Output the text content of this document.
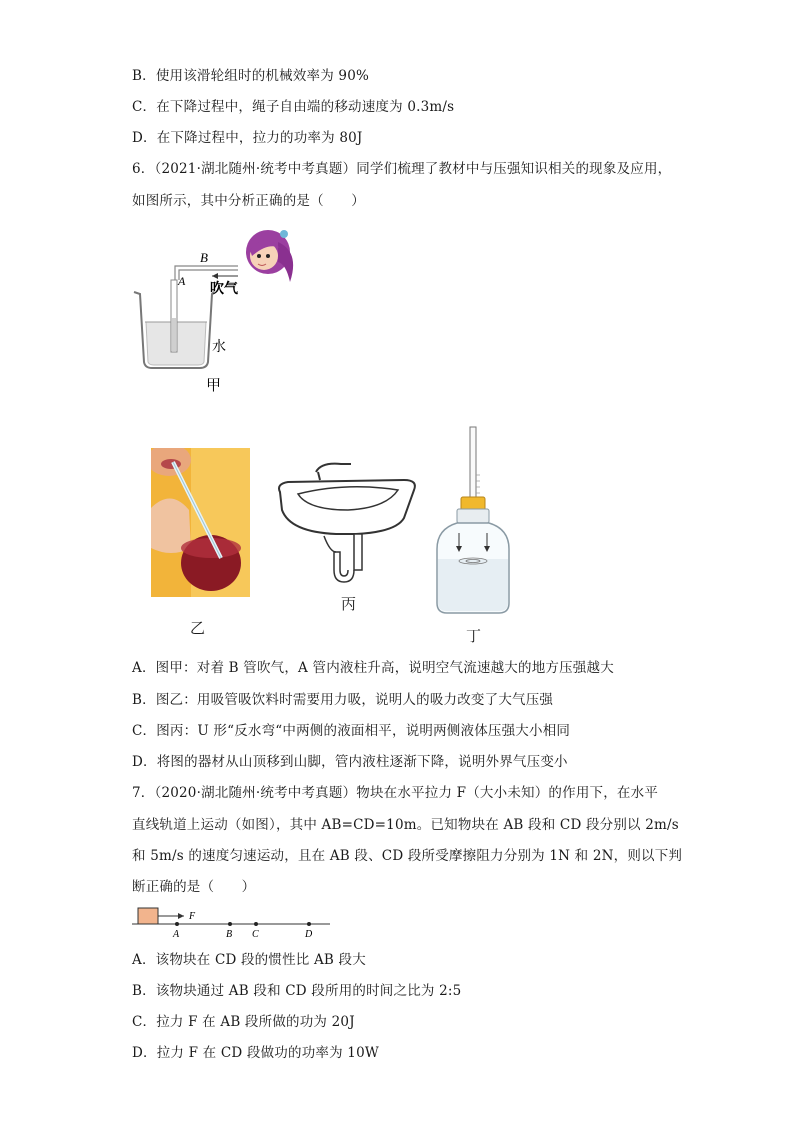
B．使用该滑轮组时的机械效率为 90%
C．在下降过程中，绳子自由端的移动速度为 0.3m/s
D．在下降过程中，拉力的功率为 80J
6．（2021·湖北随州·统考中考真题）同学们梳理了教材中与压强知识相关的现象及应用，
如图所示，其中分析正确的是（　　）
B
A 吹气
水
甲
乙
丙
丁
A．图甲：对着 B 管吹气，A 管内液柱升高，说明空气流速越大的地方压强越大
B．图乙：用吸管吸饮料时需要用力吸，说明人的吸力改变了大气压强
C．图丙：U 形“反水弯“中两侧的液面相平，说明两侧液体压强大小相同
D．将图的器材从山顶移到山脚，管内液柱逐渐下降，说明外界气压变小
7．（2020·湖北随州·统考中考真题）物块在水平拉力 F（大小未知）的作用下，在水平
直线轨道上运动（如图），其中 AB=CD=10m。已知物块在 AB 段和 CD 段分别以 2m/s
和 5m/s 的速度匀速运动，且在 AB 段、CD 段所受摩擦阻力分别为 1N 和 2N，则以下判
断正确的是（　　）
F
A	B C	D
A．该物块在 CD 段的惯性比 AB 段大
B．该物块通过 AB 段和 CD 段所用的时间之比为 2:5
C．拉力 F 在 AB 段所做的功为 20J
D．拉力 F 在 CD 段做功的功率为 10W
